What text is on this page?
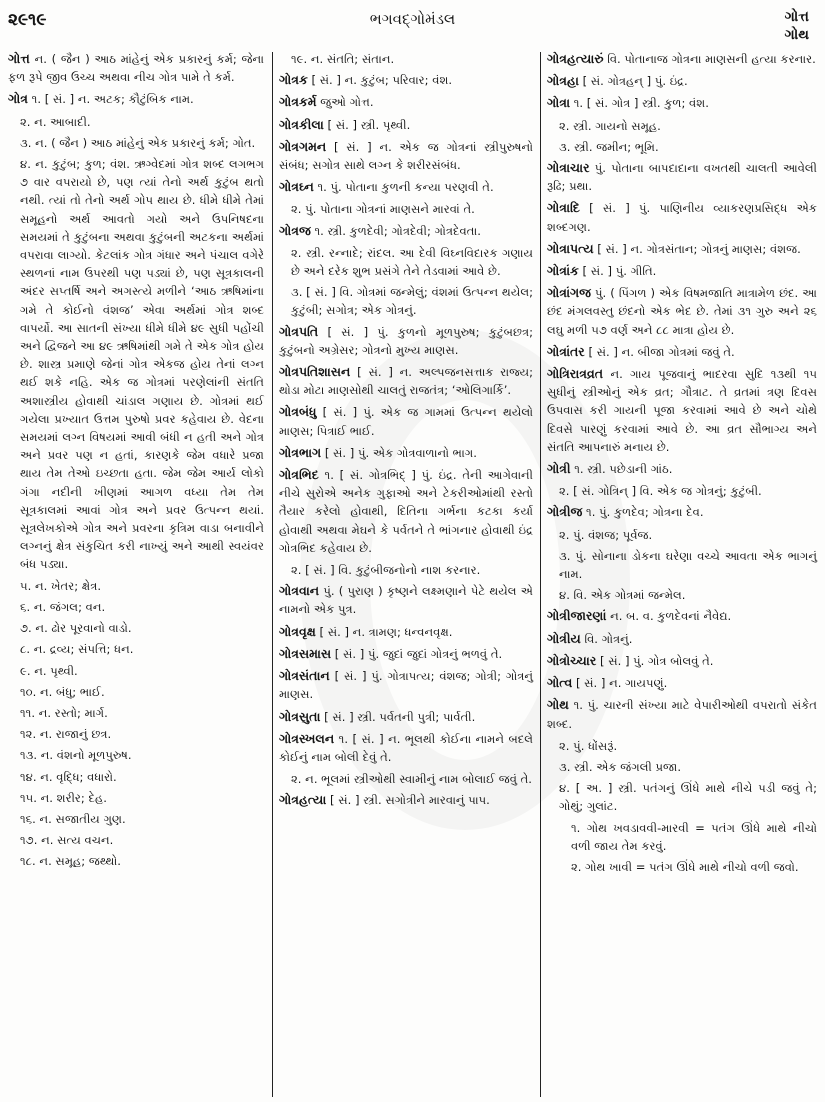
૨૯૧૯	ભગવદ્ગોમંડલ	ગોત્ત
ગોથ
ગોત્ત ન. ( જૈન ) આઠ માંહેનું એક પ્રકારનું કર્મ; જેના ફળ રૂપે જીવ ઉચ્ચ અથવા નીચ ગોત્ર પામે તે કર્મ.
ગોત્ર ૧. [ સં. ] ન. અટક; કૌટુંબિક નામ.
૨. ન. આબાદી.
૩. ન. ( જૈન ) આઠ માંહેનું એક પ્રકારનું કર્મ; ગોત.
૪. ન. કુટુંબ; કુળ; વંશ. ઋગ્વેદમાં ગોત્ર શબ્દ લગભગ ૭ વાર વપરાયો છે, પણ ત્યાં તેનો અર્થ કુટુંબ થતો નથી. ત્યાં તો તેનો અર્થ ગોપ થાય છે. ધીમે ધીમે તેમાં સમૂહનો અર્થ આવતો ગયો અને ઉપનિષદના સમયમાં તે કુટુંબના અથવા કુટુંબની અટકના અર્થમાં વપરાવા લાગ્યો. કેટલાંક ગોત્ર ગંધાર અને પંચાલ વગેરે સ્થળનાં નામ ઉપરથી પણ પડ્યાં છે, પણ સૂત્રકાલની અંદર સપ્તર્ષિ અને અગસ્ત્યે મળીને ‘આઠ ઋષિમાંના ગમે તે કોઈનો વંશજ’ એવા અર્થમાં ગોત્ર શબ્દ વાપર્યો. આ સાતની સંખ્યા ધીમે ધીમે ૪૯ સુધી પહોંચી અને દ્વિજને આ ૪૯ ઋષિમાંથી ગમે તે એક ગોત્ર હોય છે. શાસ્ત્ર પ્રમાણે જેનાં ગોત્ર એકજ હોય તેનાં લગ્ન થઈ શકે નહિ. એક જ ગોત્રમાં પરણેલાંની સંતતિ અશાસ્ત્રીય હોવાથી ચાંડાલ ગણાય છે. ગોત્રમાં થઈ ગયેલા પ્રખ્યાત ઉત્તમ પુરુષો પ્રવર કહેવાય છે. વેદના સમયમાં લગ્ન વિષયમાં આવી બંધી ન હતી અને ગોત્ર અને પ્રવર પણ ન હતાં, કારણકે જેમ વધારે પ્રજા થાય તેમ તેઓ ઇચ્છતા હતા. જેમ જેમ આર્ય લોકો ગંગા નદીની ખીણમાં આગળ વધ્યા તેમ તેમ સૂત્રકાલમાં આવાં ગોત્ર અને પ્રવર ઉત્પન્ન થયાં. સૂત્રલેખકોએ ગોત્ર અને પ્રવરના કૃત્રિમ વાડા બનાવીને લગ્નનું ક્ષેત્ર સંકુચિત કરી નાખ્યું અને આથી સ્વયંવર બંધ પડ્યા.
૫. ન. ખેતર; ક્ષેત્ર.
૬. ન. જંગલ; વન.
૭. ન. ઢોર પૂરવાનો વાડો.
૮. ન. દ્રવ્ય; સંપત્તિ; ધન.
૯. ન. પૃથ્વી.
૧૦. ન. બંધુ; ભાઈ.
૧૧. ન. રસ્તો; માર્ગ.
૧૨. ન. રાજાનું છત્ર.
૧૩. ન. વંશનો મૂળપુરુષ.
૧૪. ન. વૃદ્ધિ; વધારો.
૧૫. ન. શરીર; દેહ.
૧૬. ન. સજાતીય ગુણ.
૧૭. ન. સત્ય વચન.
૧૮. ન. સમૂહ; જથ્થો.
૧૯. ન. સંતતિ; સંતાન.
ગોત્રક [ સં. ] ન. કુટુંબ; પરિવાર; વંશ.
ગોત્રકર્મ જુઓ ગોત્ત.
ગોત્રકીલા [ સં. ] સ્ત્રી. પૃથ્વી.
ગોત્રગમન [ સં. ] ન. એક જ ગોત્રનાં સ્ત્રીપુરુષનો સંબંધ; સગોત્ર સાથે લગ્ન કે શરીરસંબંધ.
ગોત્રઘ્ન ૧. પું. પોતાના કુળની કન્યા પરણવી તે.
૨. પું. પોતાના ગોત્રનાં માણસને મારવાં તે.
ગોત્રજ ૧. સ્ત્રી. કુળદેવી; ગોત્રદેવી; ગોત્રદેવતા.
૨. સ્ત્રી. રન્નાદે; રાંદલ. આ દેવી વિઘ્નવિદારક ગણાય છે અને દરેક શુભ પ્રસંગે તેને તેડવામાં આવે છે.
૩. [ સં. ] વિ. ગોત્રમાં જન્મેલું; વંશમાં ઉત્પન્ન થયેલ; કુટુંબી; સગોત્ર; એક ગોત્રનું.
ગોત્રપતિ [ સં. ] પું. કુળનો મૂળપુરુષ; કુટુંબછત્ર; કુટુંબનો અગ્રેસર; ગોત્રનો મુખ્ય માણસ.
ગોત્રપતિશાસન [ સં. ] ન. અલ્પજનસત્તાક રાજ્ય; થોડા મોટા માણસોથી ચાલતું રાજતંત્ર; ‘ઓલિગાર્કિ’.
ગોત્રબંધુ [ સં. ] પું. એક જ ગામમાં ઉત્પન્ન થયેલો માણસ; પિત્રાઈ ભાઈ.
ગોત્રભાગ [ સં. ] પું. એક ગોત્રવાળાનો ભાગ.
ગોત્રભિદ ૧. [ સં. ગોત્રભિદ્ ] પું. ઇંદ્ર. તેની આગેવાની નીચે સુરોએ અનેક ગુફાઓ અને ટેકરીઓમાંથી રસ્તો તૈયાર કરેલો હોવાથી, દિતિના ગર્ભના કટકા કર્યા હોવાથી અથવા મેઘને કે પર્વતને તે ભાંગનાર હોવાથી ઇંદ્ર ગોત્રભિદ કહેવાય છે.
૨. [ સં. ] વિ. કુટુંબીજનોનો નાશ કરનાર.
ગોત્રવાન પું. ( પુરાણ ) કૃષ્ણને લક્ષ્મણાને પેટે થયેલ એ નામનો એક પુત્ર.
ગોત્રવૃક્ષ [ સં. ] ન. ત્રામણ; ધન્વનવૃક્ષ.
ગોત્રસમાસ [ સં. ] પું. જુદાં જુદાં ગોત્રનું ભળવું તે.
ગોત્રસંતાન [ સં. ] પું. ગોત્રાપત્ય; વંશજ; ગોત્રી; ગોત્રનું માણસ.
ગોત્રસુતા [ સં. ] સ્ત્રી. પર્વતની પુત્રી; પાર્વતી.
ગોત્રસ્ખલન ૧. [ સં. ] ન. ભૂલથી કોઈના નામને બદલે કોઈનું નામ બોલી દેવું તે.
૨. ન. ભૂલમાં સ્ત્રીઓથી સ્વામીનું નામ બોલાઈ જવું તે.
ગોત્રહત્યા [ સં. ] સ્ત્રી. સગોત્રીને મારવાનું પાપ.
ગોત્રહત્યારું વિ. પોતાનાજ ગોત્રના માણસની હત્યા કરનાર.
ગોત્રહા [ સં. ગોત્રહન્ ] પું. ઇંદ્ર.
ગોત્રા ૧. [ સં. ગોત્ર ] સ્ત્રી. કુળ; વંશ.
૨. સ્ત્રી. ગાયનો સમૂહ.
૩. સ્ત્રી. જમીન; ભૂમિ.
ગોત્રાચાર પું. પોતાના બાપદાદાના વખતથી ચાલતી આવેલી રૂઢિ; પ્રથા.
ગોત્રાદિ [ સં. ] પું. પાણિનીય વ્યાકરણપ્રસિદ્ધ એક શબ્દગણ.
ગોત્રાપત્ય [ સં. ] ન. ગોત્રસંતાન; ગોત્રનું માણસ; વંશજ.
ગોત્રાંક [ સં. ] પું. ગીતિ.
ગોત્રાંગજ પું. ( પિંગળ ) એક વિષમજાતિ માત્રામેળ છંદ. આ છંદ મંગલવસ્તુ છંદનો એક ભેદ છે. તેમાં ૩૧ ગુરુ અને ૨૬ લઘુ મળી ૫૭ વર્ણ અને ૮૮ માત્રા હોય છે.
ગોત્રાંતર [ સં. ] ન. બીજા ગોત્રમાં જવું તે.
ગોત્રિરાત્રવ્રત ન. ગાય પૂજવાનું ભાદરવા સુદિ ૧૩થી ૧૫ સુધીનું સ્ત્રીઓનું એક વ્રત; ગૌત્રાટ. તે વ્રતમાં ત્રણ દિવસ ઉપવાસ કરી ગાયની પૂજા કરવામાં આવે છે અને ચોથે દિવસે પારણું કરવામાં આવે છે. આ વ્રત સૌભાગ્ય અને સંતતિ આપનારું મનાય છે.
ગોત્રી ૧. સ્ત્રી. પછેડાની ગાંઠ.
૨. [ સં. ગોત્રિન્ ] વિ. એક જ ગોત્રનું; કુટુંબી.
ગોત્રીજ ૧. પું. કુળદેવ; ગોત્રના દેવ.
૨. પું. વંશજ; પૂર્વજ.
૩. પું. સોનાના ડોકના ઘરેણા વચ્ચે આવતા એક ભાગનું નામ.
૪. વિ. એક ગોત્રમાં જન્મેલ.
ગોત્રીજારણાં ન. બ. વ. કુળદેવનાં નૈવેદ્ય.
ગોત્રીય વિ. ગોત્રનું.
ગોત્રોચ્ચાર [ સં. ] પું. ગોત્ર બોલવું તે.
ગોત્વ [ સં. ] ન. ગાયપણું.
ગોથ ૧. પું. ચારની સંખ્યા માટે વેપારીઓથી વપરાતો સંકેત શબ્દ.
૨. પું. ધોંસરૂં.
૩. સ્ત્રી. એક જંગલી પ્રજા.
૪. [ અ. ] સ્ત્રી. પતંગનું ઊંધે માથે નીચે પડી જવું તે; ગોથું; ગુલાંટ.
૧. ગોથ ખવડાવવી-મારવી = પતંગ ઊંધે માથે નીચો વળી જાય તેમ કરવું.
૨. ગોથ ખાવી = પતંગ ઊંધે માથે નીચો વળી જવો.
